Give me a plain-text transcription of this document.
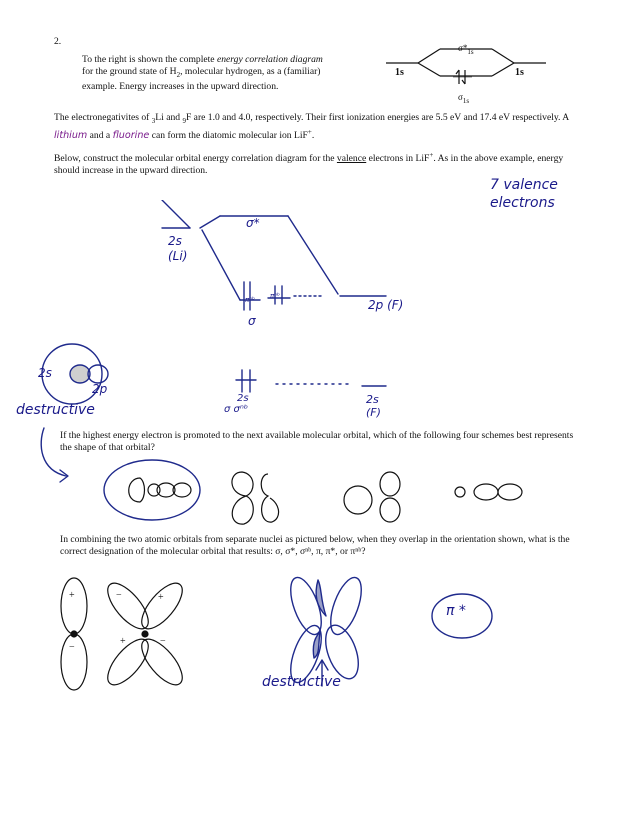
2.
To the right is shown the complete energy correlation diagram for the ground state of $H_2$, molecular hydrogen, as a (familiar) example. Energy increases in the upward direction.
1s	1s
$\sigma*_{1s}$
$\sigma_{1s}$
The electronegativites of $_3$Li and $_9$F are 1.0 and 4.0, respectively. Their first ionization energies are 5.5 eV and 17.4 eV respectively. A lithium and a fluorine can form the diatomic molecular ion LiF+.
Below, construct the molecular orbital energy correlation diagram for the valence electrons in LiF+. As in the above example, energy should increase in the upward direction.
7 valence
electrons
2s
(Li)
σ*
πⁿᵇ πⁿᵇ
σ
2p (F)
2s
σ σⁿᵇ
2s
(F)
2s
2p
destructive
If the highest energy electron is promoted to the next available molecular orbital, which of the following four schemes best represents the shape of that orbital?
In combining the two atomic orbitals from separate nuclei as pictured below, when they overlap in the orientation shown, what is the correct designation of the molecular orbital that results: σ, σ*, σⁿᵇ, π, π*, or πⁿᵇ?
+
−
−	+
+	−
π *
destructive
